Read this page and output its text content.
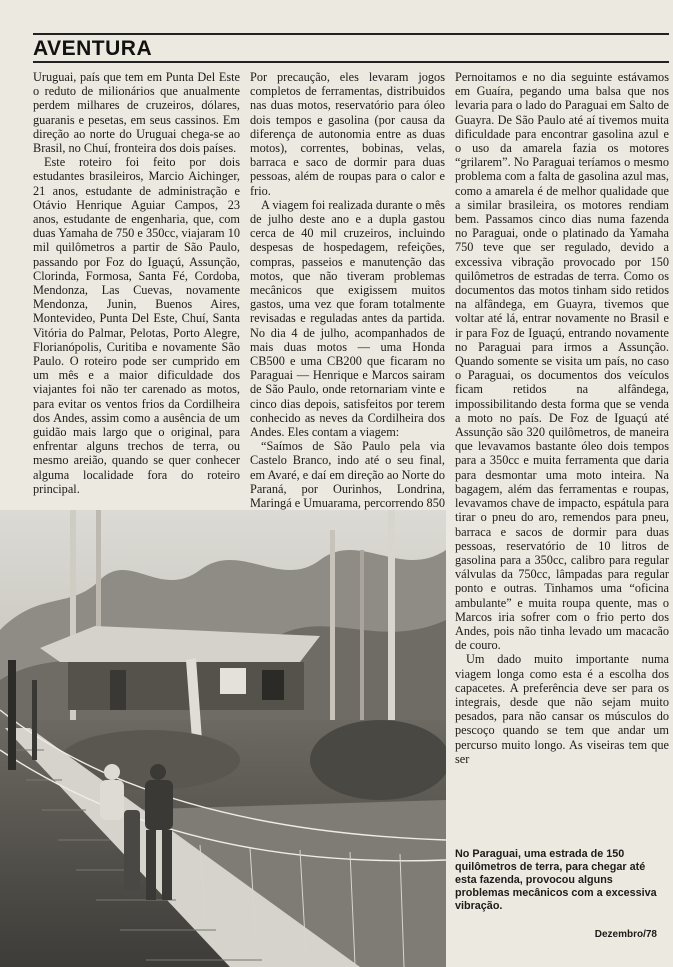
AVENTURA

Uruguai, país que tem em Punta Del Este o reduto de milionários que anualmente perdem milhares de cruzeiros, dólares, guaranis e pesetas, em seus cassinos. Em direção ao norte do Uruguai chega-se ao Brasil, no Chuí, fronteira dos dois países.

Este roteiro foi feito por dois estudantes brasileiros, Marcio Aichinger, 21 anos, estudante de administração e Otávio Henrique Aguiar Campos, 23 anos, estudante de engenharia, que, com duas Yamaha de 750 e 350cc, viajaram 10 mil quilômetros a partir de São Paulo, passando por Foz do Iguaçú, Assunção, Clorinda, Formosa, Santa Fé, Cordoba, Mendonza, Las Cuevas, novamente Mendonza, Junin, Buenos Aires, Montevideo, Punta Del Este, Chuí, Santa Vitória do Palmar, Pelotas, Porto Alegre, Florianópolis, Curitiba e novamente São Paulo. O roteiro pode ser cumprido em um mês e a maior dificuldade dos viajantes foi não ter carenado as motos, para evitar os ventos frios da Cordilheira dos Andes, assim como a ausência de um guidão mais largo que o original, para enfrentar alguns trechos de terra, ou mesmo areião, quando se quer conhecer alguma localidade fora do roteiro principal.

Por precaução, eles levaram jogos completos de ferramentas, distribuidos nas duas motos, reservatório para óleo dois tempos e gasolina (por causa da diferença de autonomia entre as duas motos), correntes, bobinas, velas, barraca e saco de dormir para duas pessoas, além de roupas para o calor e frio.

A viagem foi realizada durante o mês de julho deste ano e a dupla gastou cerca de 40 mil cruzeiros, incluindo despesas de hospedagem, refeições, compras, passeios e manutenção das motos, que não tiveram problemas mecânicos que exigissem muitos gastos, uma vez que foram totalmente revisadas e reguladas antes da partida. No dia 4 de julho, acompanhados de mais duas motos — uma Honda CB500 e uma CB200 que ficaram no Paraguai — Henrique e Marcos sairam de São Paulo, onde retornariam vinte e cinco dias depois, satisfeitos por terem conhecido as neves da Cordilheira dos Andes. Eles contam a viagem:

“Saímos de São Paulo pela via Castelo Branco, indo até o seu final, em Avaré, e daí em direção ao Norte do Paraná, por Ourinhos, Londrina, Maringá e Umuarama, percorrendo 850

Pernoitamos e no dia seguinte estávamos em Guaíra, pegando uma balsa que nos levaria para o lado do Paraguai em Salto de Guayra. De São Paulo até aí tivemos muita dificuldade para encontrar gasolina azul e o uso da amarela fazia os motores “grilarem”. No Paraguai teríamos o mesmo problema com a falta de gasolina azul mas, como a amarela é de melhor qualidade que a similar brasileira, os motores rendiam bem. Passamos cinco dias numa fazenda no Paraguai, onde o platinado da Yamaha 750 teve que ser regulado, devido a excessiva vibração provocado por 150 quilômetros de estradas de terra. Como os documentos das motos tinham sido retidos na alfândega, em Guayra, tivemos que voltar até lá, entrar novamente no Brasil e ir para Foz de Iguaçú, entrando novamente no Paraguai para irmos a Assunção. Quando somente se visita um país, no caso o Paraguai, os documentos dos veículos ficam retidos na alfândega, impossibilitando desta forma que se venda a moto no país. De Foz de Iguaçú até Assunção são 320 quilômetros, de maneira que levavamos bastante óleo dois tempos para a 350cc e muita ferramenta que daria para desmontar uma moto inteira. Na bagagem, além das ferramentas e roupas, levavamos chave de impacto, espátula para tirar o pneu do aro, remendos para pneu, barraca e sacos de dormir para duas pessoas, reservatório de 10 litros de gasolina para a 350cc, calibro para regular válvulas da 750cc, lâmpadas para regular ponto e outras. Tinhamos uma “oficina ambulante” e muita roupa quente, mas o Marcos iria sofrer com o frio perto dos Andes, pois não tinha levado um macacão de couro.

Um dado muito importante numa viagem longa como esta é a escolha dos capacetes. A preferência deve ser para os integrais, desde que não sejam muito pesados, para não cansar os músculos do pescoço quando se tem que andar um percurso muito longo. As viseiras tem que ser

No Paraguai, uma estrada de 150 quilômetros de terra, para chegar até esta fazenda, provocou alguns problemas mecânicos com a excessiva vibração.
Dezembro/78
